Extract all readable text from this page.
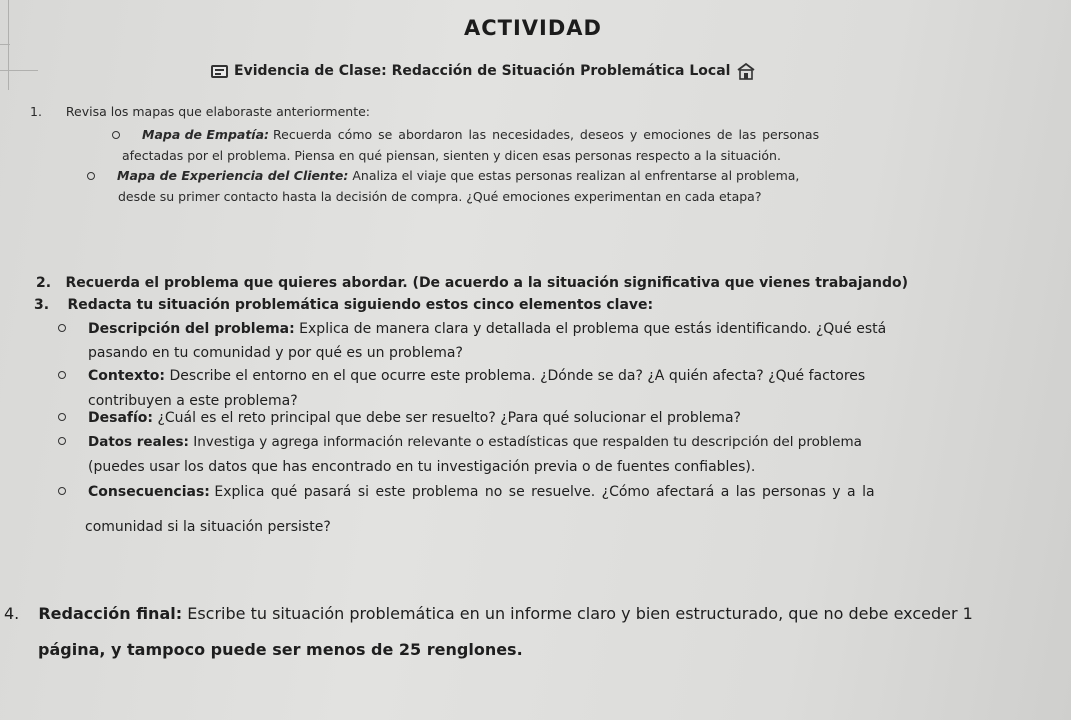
ACTIVIDAD
Evidencia de Clase: Redacción de Situación Problemática Local
1. Revisa los mapas que elaboraste anteriormente:
Mapa de Empatía: Recuerda cómo se abordaron las necesidades, deseos y emociones de las personas
afectadas por el problema. Piensa en qué piensan, sienten y dicen esas personas respecto a la situación.
Mapa de Experiencia del Cliente: Analiza el viaje que estas personas realizan al enfrentarse al problema,
desde su primer contacto hasta la decisión de compra. ¿Qué emociones experimentan en cada etapa?
2. Recuerda el problema que quieres abordar. (De acuerdo a la situación significativa que vienes trabajando)
3. Redacta tu situación problemática siguiendo estos cinco elementos clave:
Descripción del problema: Explica de manera clara y detallada el problema que estás identificando. ¿Qué está
pasando en tu comunidad y por qué es un problema?
Contexto: Describe el entorno en el que ocurre este problema. ¿Dónde se da? ¿A quién afecta? ¿Qué factores
contribuyen a este problema?
Desafío: ¿Cuál es el reto principal que debe ser resuelto? ¿Para qué solucionar el problema?
Datos reales: Investiga y agrega información relevante o estadísticas que respalden tu descripción del problema
(puedes usar los datos que has encontrado en tu investigación previa o de fuentes confiables).
Consecuencias: Explica qué pasará si este problema no se resuelve. ¿Cómo afectará a las personas y a la
comunidad si la situación persiste?
4. Redacción final: Escribe tu situación problemática en un informe claro y bien estructurado, que no debe exceder 1
página, y tampoco puede ser menos de 25 renglones.
